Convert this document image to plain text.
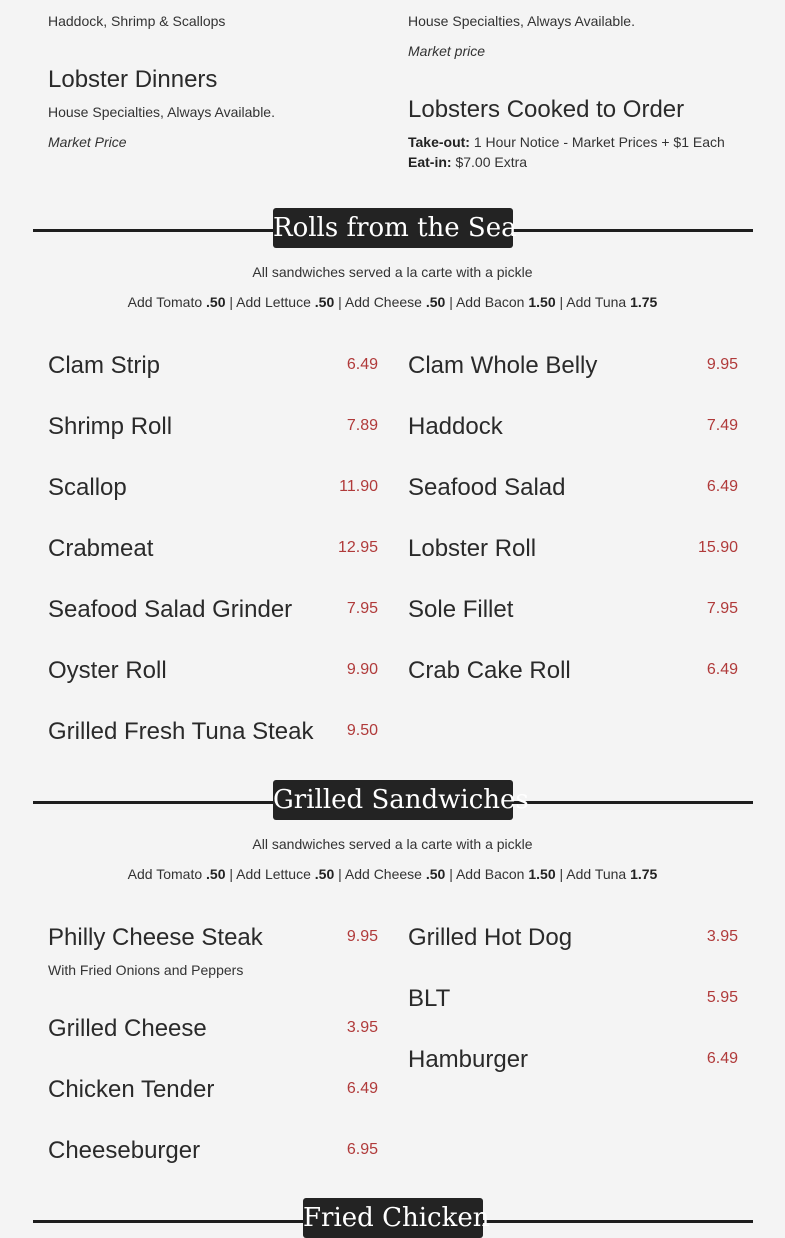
Haddock, Shrimp & Scallops	House Specialties, Always Available.
Market price
Lobster Dinners
House Specialties, Always Available.
Market Price
Lobsters Cooked to Order
Take-out: 1 Hour Notice - Market Prices + $1 Each
Eat-in: $7.00 Extra
Rolls from the Sea
All sandwiches served a la carte with a pickle
Add Tomato .50 | Add Lettuce .50 | Add Cheese .50 | Add Bacon 1.50 | Add Tuna 1.75
Clam Strip	6.49
Shrimp Roll	7.89
Scallop	11.90
Crabmeat	12.95
Seafood Salad Grinder	7.95
Oyster Roll	9.90
Grilled Fresh Tuna Steak	9.50
Clam Whole Belly	9.95
Haddock	7.49
Seafood Salad	6.49
Lobster Roll	15.90
Sole Fillet	7.95
Crab Cake Roll	6.49
Grilled Sandwiches
All sandwiches served a la carte with a pickle
Add Tomato .50 | Add Lettuce .50 | Add Cheese .50 | Add Bacon 1.50 | Add Tuna 1.75
Philly Cheese Steak	9.95
With Fried Onions and Peppers
Grilled Cheese	3.95
Chicken Tender	6.49
Cheeseburger	6.95
Grilled Hot Dog	3.95
BLT	5.95
Hamburger	6.49
Fried Chicken
